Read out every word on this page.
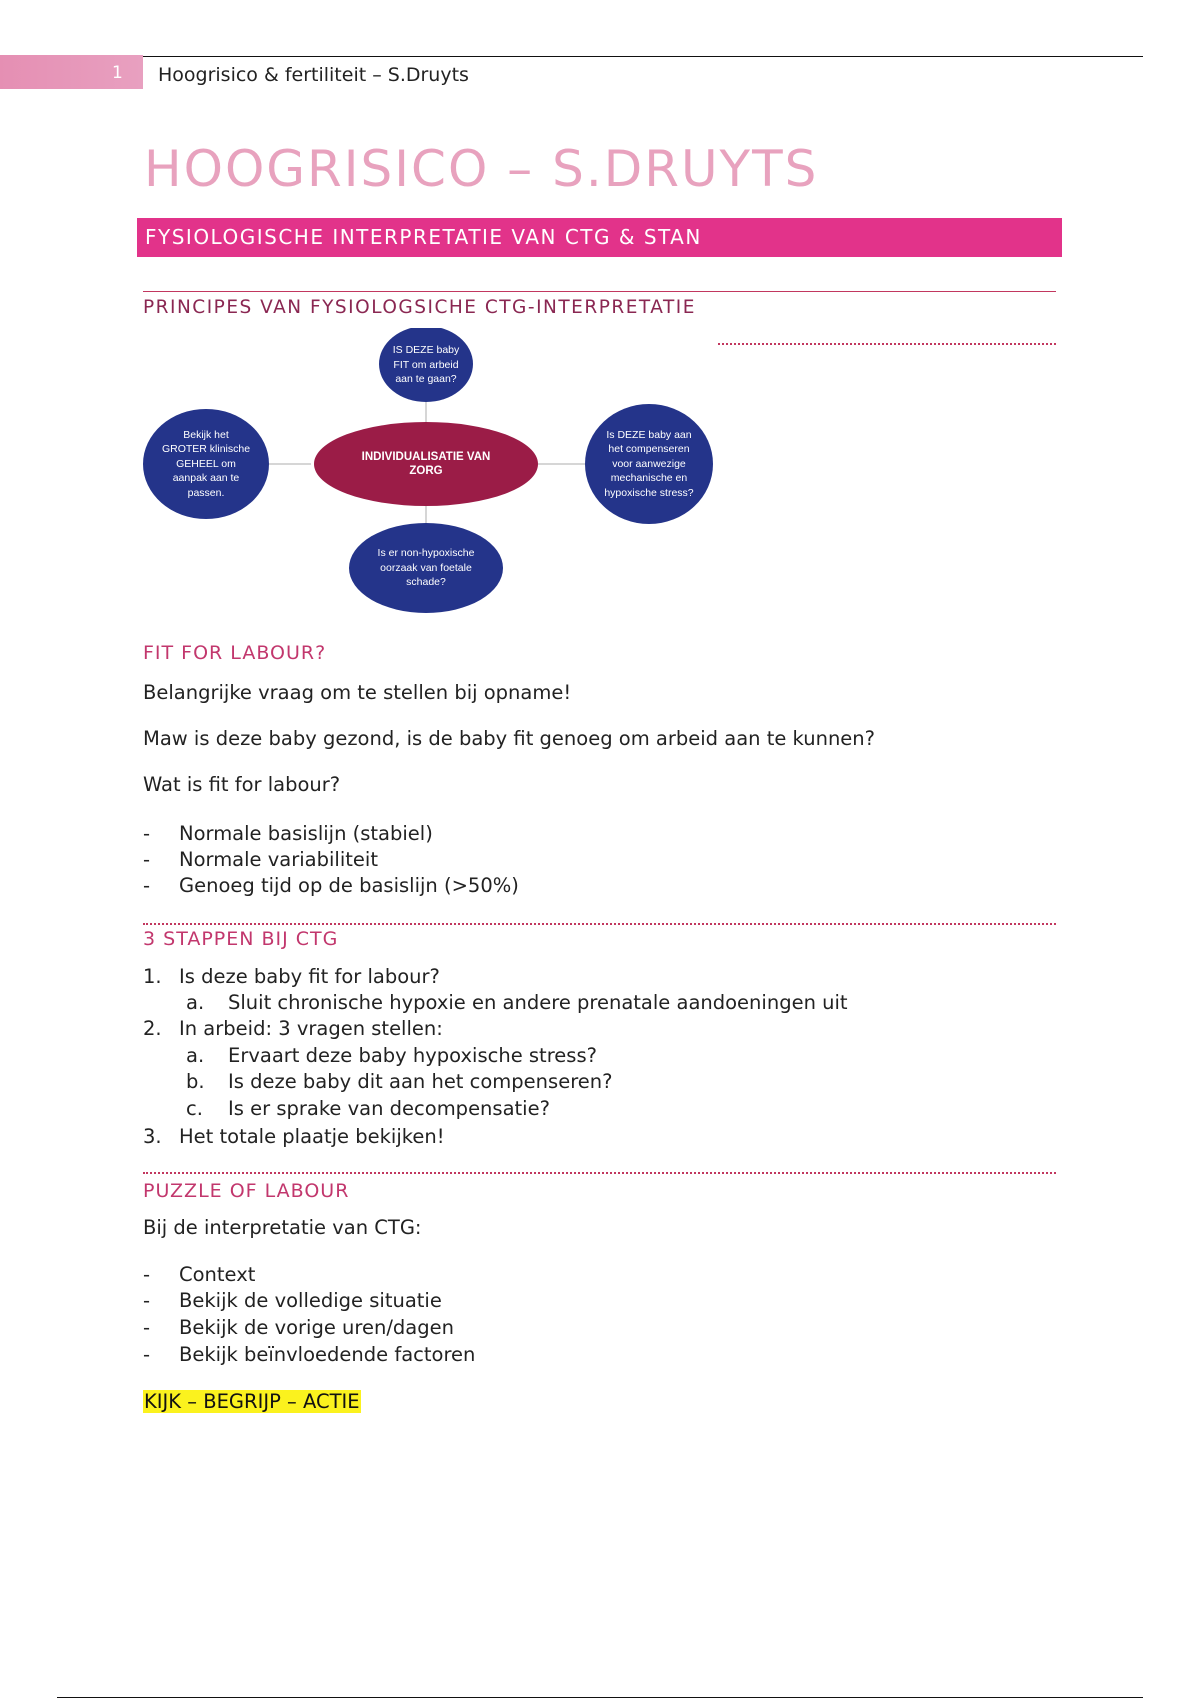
1 Hoogrisico & fertiliteit – S.Druyts
HOOGRISICO – S.DRUYTS
FYSIOLOGISCHE INTERPRETATIE VAN CTG & STAN
PRINCIPES VAN FYSIOLOGSICHE CTG-INTERPRETATIE
IS DEZE baby FIT om arbeid aan te gaan?
Bekijk het GROTER klinische GEHEEL om aanpak aan te passen.
Is DEZE baby aan het compenseren voor aanwezige mechanische en hypoxische stress?
Is er non-hypoxische oorzaak van foetale schade?
INDIVIDUALISATIE VAN ZORG
FIT FOR LABOUR?
Belangrijke vraag om te stellen bij opname!
Maw is deze baby gezond, is de baby fit genoeg om arbeid aan te kunnen?
Wat is fit for labour?
- Normale basislijn (stabiel)
- Normale variabiliteit
- Genoeg tijd op de basislijn (>50%)
3 STAPPEN BIJ CTG
1. Is deze baby fit for labour?
a. Sluit chronische hypoxie en andere prenatale aandoeningen uit
2. In arbeid: 3 vragen stellen:
a. Ervaart deze baby hypoxische stress?
b. Is deze baby dit aan het compenseren?
c. Is er sprake van decompensatie?
3. Het totale plaatje bekijken!
PUZZLE OF LABOUR
Bij de interpretatie van CTG:
- Context
- Bekijk de volledige situatie
- Bekijk de vorige uren/dagen
- Bekijk beïnvloedende factoren
KIJK – BEGRIJP – ACTIE
